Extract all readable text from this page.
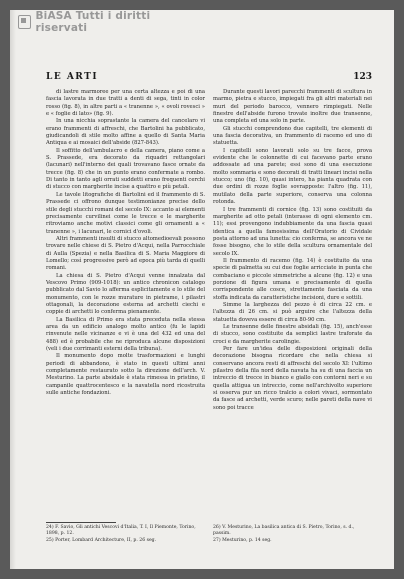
BiASA Tutti i diritti riservati
LE ARTI	123

di lastre marmoree per una certa altezza e poi di una fascia lavorata in due tratti a denti di sega, tinti in color rosso (fig. 8), in altre parti a « tranenne », « ovoli rovesci » e « foglie di lato» (fig. 9).

In una nicchia soprastante la camera del cancelaro vi erano frammenti di affreschi, che Bartolini ha pubblicato, giudicandoli di stile molto affine a quello di Santa Maria Antiqua e ai mosaici dell'abside (827-843).

Il soffitto dell'ambulacro e della camera, piano come a S. Prassede, era decorato da riquadri rettangolari (lacunari) nell'interno dei quali trovavano fasce ornate da trecce (fig. 8) che in un punto erano confermate a rombo. Di tanto in tanto agli orrati suddetti erano frequenti cerchi di stucco con margherite incise a quattro e più petali.

Le tavole litografiche di Bartolini ed il frammento di S. Prassede ci offrono dunque testimonianze precise dello stile degli stucchi romani del secolo IX: accanto ai elementi precisamente curvilinei come le trecce e le margherite ritroviamo anche motivi classici come gli ornamenti a « tranenne », i lacunari, le cornici d'ovoli.

Altri frammenti insulti di stucco altomedioevali possono trovare nelle chiese di S. Pietro d'Acqui, nella Parrocchiale di Aulla (Spezia) e nella Basilica di S. Maria Maggiore di Lomello; così progressive però ad epoca più tarda di quelli romani.

La chiesa di S. Pietro d'Acqui venne innalzata dal Vescovo Primo (909-1018): un antico chronicon catalogo pubblicato dal Savio lo afferma esplicitamente e lo stile del monumento, con le rozze murature in pietrame, i pilastri ottagonali, la decorazione esterna ad archetti ciechi e coppie di archetti lo conferma pienamente.

La Basilica di Primo era stata preceduta nella stessa area da un edificio analogo molto antico (fu le lapidi rinvenute nelle vicinanze e vi è una del 432 ed una del 488) ed è probabile che ne riproduca alcune disposizioni (veli i due corrimanti esterni della tribuna).

Il monumento dopo molte trasformazioni e lunghi periodi di abbandono, è stato in questi ultimi anni completamente restaurato sotto la direzione dell'arch. V. Mesturino. La parte absidale è stata rimessa in pristino, il campanile quattrocentesco e la navatella nord ricostruita sulle antiche fondazioni.

Durante questi lavori parecchi frammenti di scultura in marmo, pietra e stucco, impiegati fra gli altri materiali nei muri del periodo barocco, vennero rimpiegati. Nelle finestre dell'abside furono trovate inoltre due transenne, una completa ed una solo in parte.

Gli stucchi comprendono due capitelli, tre elementi di una fascia decorativa, un frammento di racemo ed uno di statuetta.

I capitelli sono lavorati solo su tre facce, prova evidente che le colonnette di cui facevano parte erano addossate ad una parete; essi sono di una esecuzione molto sommaria e sono decorati di tratti lineari incisi nella stucco; uno (fig. 10), quasi intero, ha pianta quadrata con due ordini di rozze foglie sovrapposte: l'altro (fig. 11), mutilato della parte superiore, conserva una colonna rotonda.

I tre frammenti di cornice (fig. 13) sono costituiti da margherite ad otto petali (interasse di ogni elemento cm. 11); essi provengono indubbiamente da una fascia quasi identica a quella famosissima dell'Oratorio di Cividale posta attorno ad una lunetta: cio conferma, se ancora ve ne fosse bisogno, che lo stile della scultura ornamentale del secolo IX.

Il frammento di racemo (fig. 14) è costituito da una specie di palmetta su cui due foglie arricciate in punta che combaciano e piccole simmetriche a alcune (fig. 12) e una porzione di figura umana e precisamente di quella corrispondente alle cosce, strettamente fasciata da una stoffa indicata da caratteristiche incisioni, dure e sottili.

Simme la larghezza del pezzo è di circa 22 cm. e l'altezza di 26 cm. si può arguire che l'altezza della statuetta doveva essere di circa 80-90 cm.

Le transenne delle finestre absidali (fig. 15), anch'esse di stucco, sono costituite da semplici lastre traforate da croci e da margherite carolingie.

Per fare un'idea delle disposizioni originali della decorazione bisogna ricordare che nella chiesa si conservano ancora resti di affreschi del secolo XI: l'ultimo pilastro della fila nord della navata ha su di una faccia un intreccio di trecce in bianco e giallo con contorni neri e su quella attigua un intreccio, come nell'archivolto superiore si osserva pur un ricco tralcio a colori vivaci, sormontato da fasce ad archetti, verde scuro; nelle pareti della nave vi sono poi tracce

24) F. Savio, Gli antichi Vescovi d'Italia, T. I, Il Piemonte, Torino, 1898, p. 12.
25) Porter, Lombard Architecture, II, p. 26 seg.
26) V. Mesturino, La basilica antica di S. Pietro, Torino, s. d., passim.
27) Mesturino, p. 14 seg.
